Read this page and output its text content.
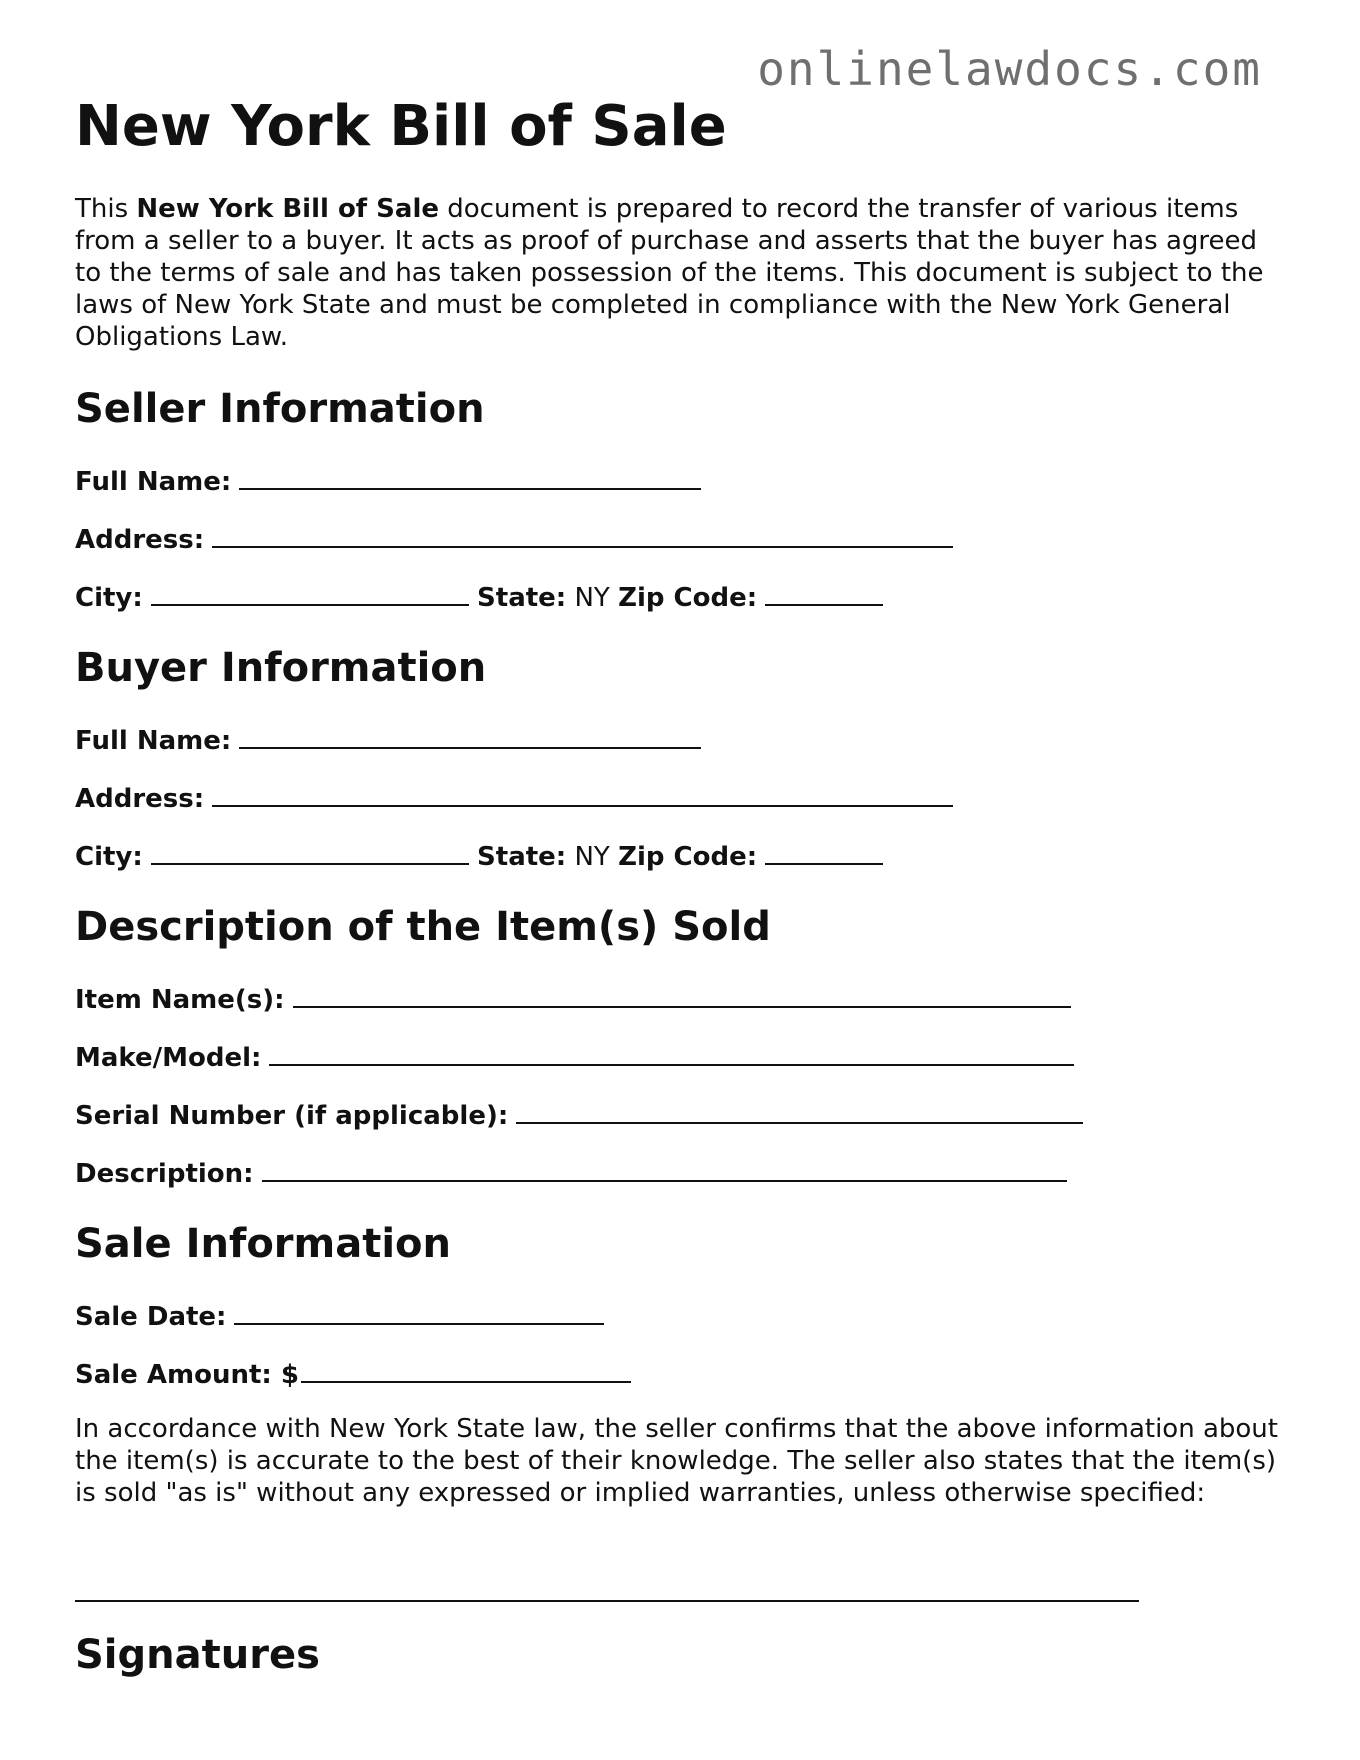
onlinelawdocs.com
New York Bill of Sale

This New York Bill of Sale document is prepared to record the transfer of various items from a seller to a buyer. It acts as proof of purchase and asserts that the buyer has agreed to the terms of sale and has taken possession of the items. This document is subject to the laws of New York State and must be completed in compliance with the New York General Obligations Law.

Seller Information
Full Name:
Address:
City:	State: NY Zip Code:
Buyer Information
Full Name:
Address:
City:	State: NY Zip Code:
Description of the Item(s) Sold
Item Name(s):
Make/Model:
Serial Number (if applicable):
Description:
Sale Information
Sale Date:
Sale Amount: $

In accordance with New York State law, the seller confirms that the above information about the item(s) is accurate to the best of their knowledge. The seller also states that the item(s) is sold "as is" without any expressed or implied warranties, unless otherwise specified:

Signatures
